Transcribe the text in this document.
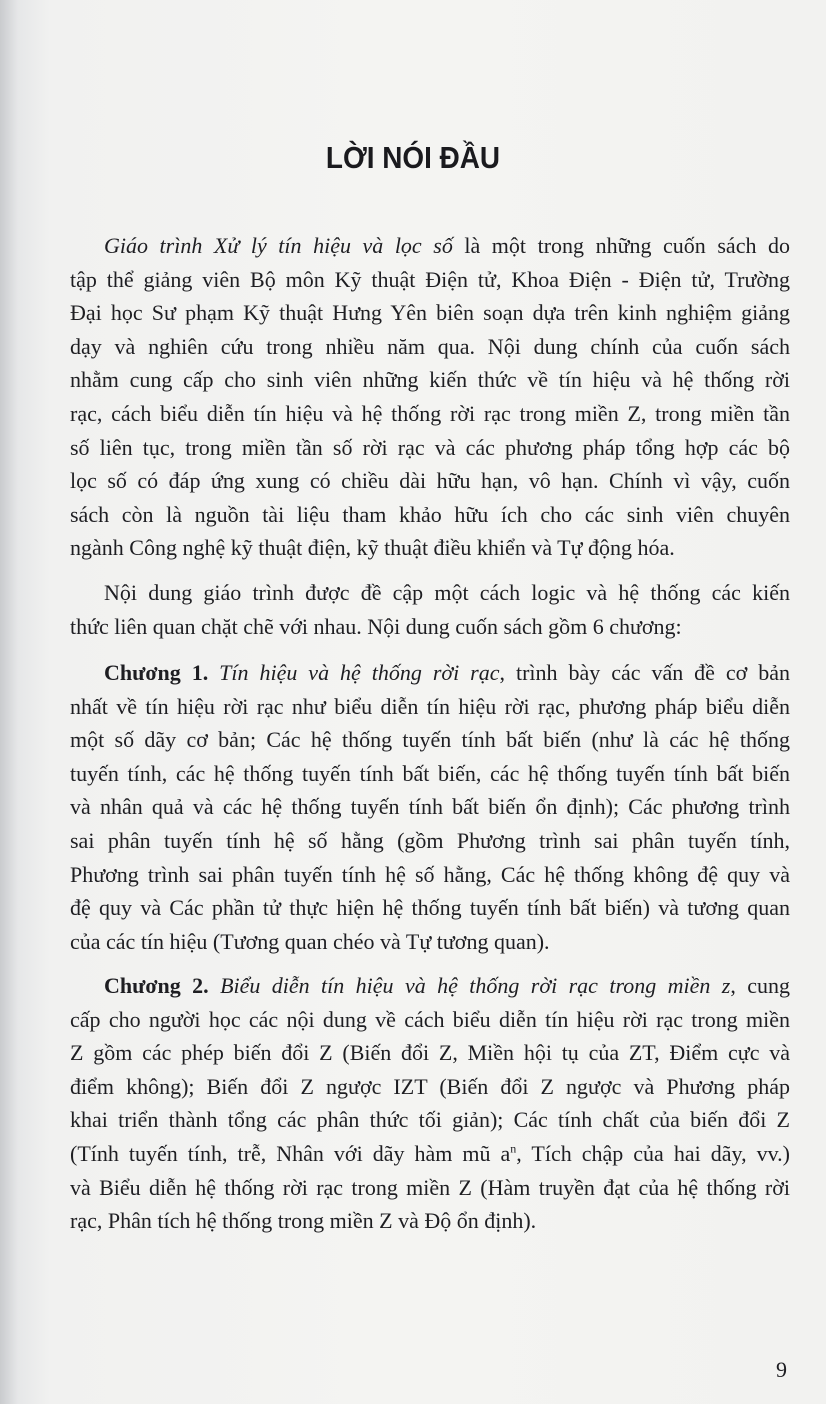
LỜI NÓI ĐẦU
Giáo trình Xử lý tín hiệu và lọc số là một trong những cuốn sách do
tập thể giảng viên Bộ môn Kỹ thuật Điện tử, Khoa Điện - Điện tử, Trường
Đại học Sư phạm Kỹ thuật Hưng Yên biên soạn dựa trên kinh nghiệm giảng
dạy và nghiên cứu trong nhiều năm qua. Nội dung chính của cuốn sách
nhằm cung cấp cho sinh viên những kiến thức về tín hiệu và hệ thống rời
rạc, cách biểu diễn tín hiệu và hệ thống rời rạc trong miền Z, trong miền tần
số liên tục, trong miền tần số rời rạc và các phương pháp tổng hợp các bộ
lọc số có đáp ứng xung có chiều dài hữu hạn, vô hạn. Chính vì vậy, cuốn
sách còn là nguồn tài liệu tham khảo hữu ích cho các sinh viên chuyên
ngành Công nghệ kỹ thuật điện, kỹ thuật điều khiển và Tự động hóa.
Nội dung giáo trình được đề cập một cách logic và hệ thống các kiến
thức liên quan chặt chẽ với nhau. Nội dung cuốn sách gồm 6 chương:
Chương 1. Tín hiệu và hệ thống rời rạc, trình bày các vấn đề cơ bản
nhất về tín hiệu rời rạc như biểu diễn tín hiệu rời rạc, phương pháp biểu diễn
một số dãy cơ bản; Các hệ thống tuyến tính bất biến (như là các hệ thống
tuyến tính, các hệ thống tuyến tính bất biến, các hệ thống tuyến tính bất biến
và nhân quả và các hệ thống tuyến tính bất biến ổn định); Các phương trình
sai phân tuyến tính hệ số hằng (gồm Phương trình sai phân tuyến tính,
Phương trình sai phân tuyến tính hệ số hằng, Các hệ thống không đệ quy và
đệ quy và Các phần tử thực hiện hệ thống tuyến tính bất biến) và tương quan
của các tín hiệu (Tương quan chéo và Tự tương quan).
Chương 2. Biểu diễn tín hiệu và hệ thống rời rạc trong miền z, cung
cấp cho người học các nội dung về cách biểu diễn tín hiệu rời rạc trong miền
Z gồm các phép biến đổi Z (Biến đổi Z, Miền hội tụ của ZT, Điểm cực và
điểm không); Biến đổi Z ngược IZT (Biến đổi Z ngược và Phương pháp
khai triển thành tổng các phân thức tối giản); Các tính chất của biến đổi Z
(Tính tuyến tính, trễ, Nhân với dãy hàm mũ $a^n$, Tích chập của hai dãy, vv.)
và Biểu diễn hệ thống rời rạc trong miền Z (Hàm truyền đạt của hệ thống rời
rạc, Phân tích hệ thống trong miền Z và Độ ổn định).
9
